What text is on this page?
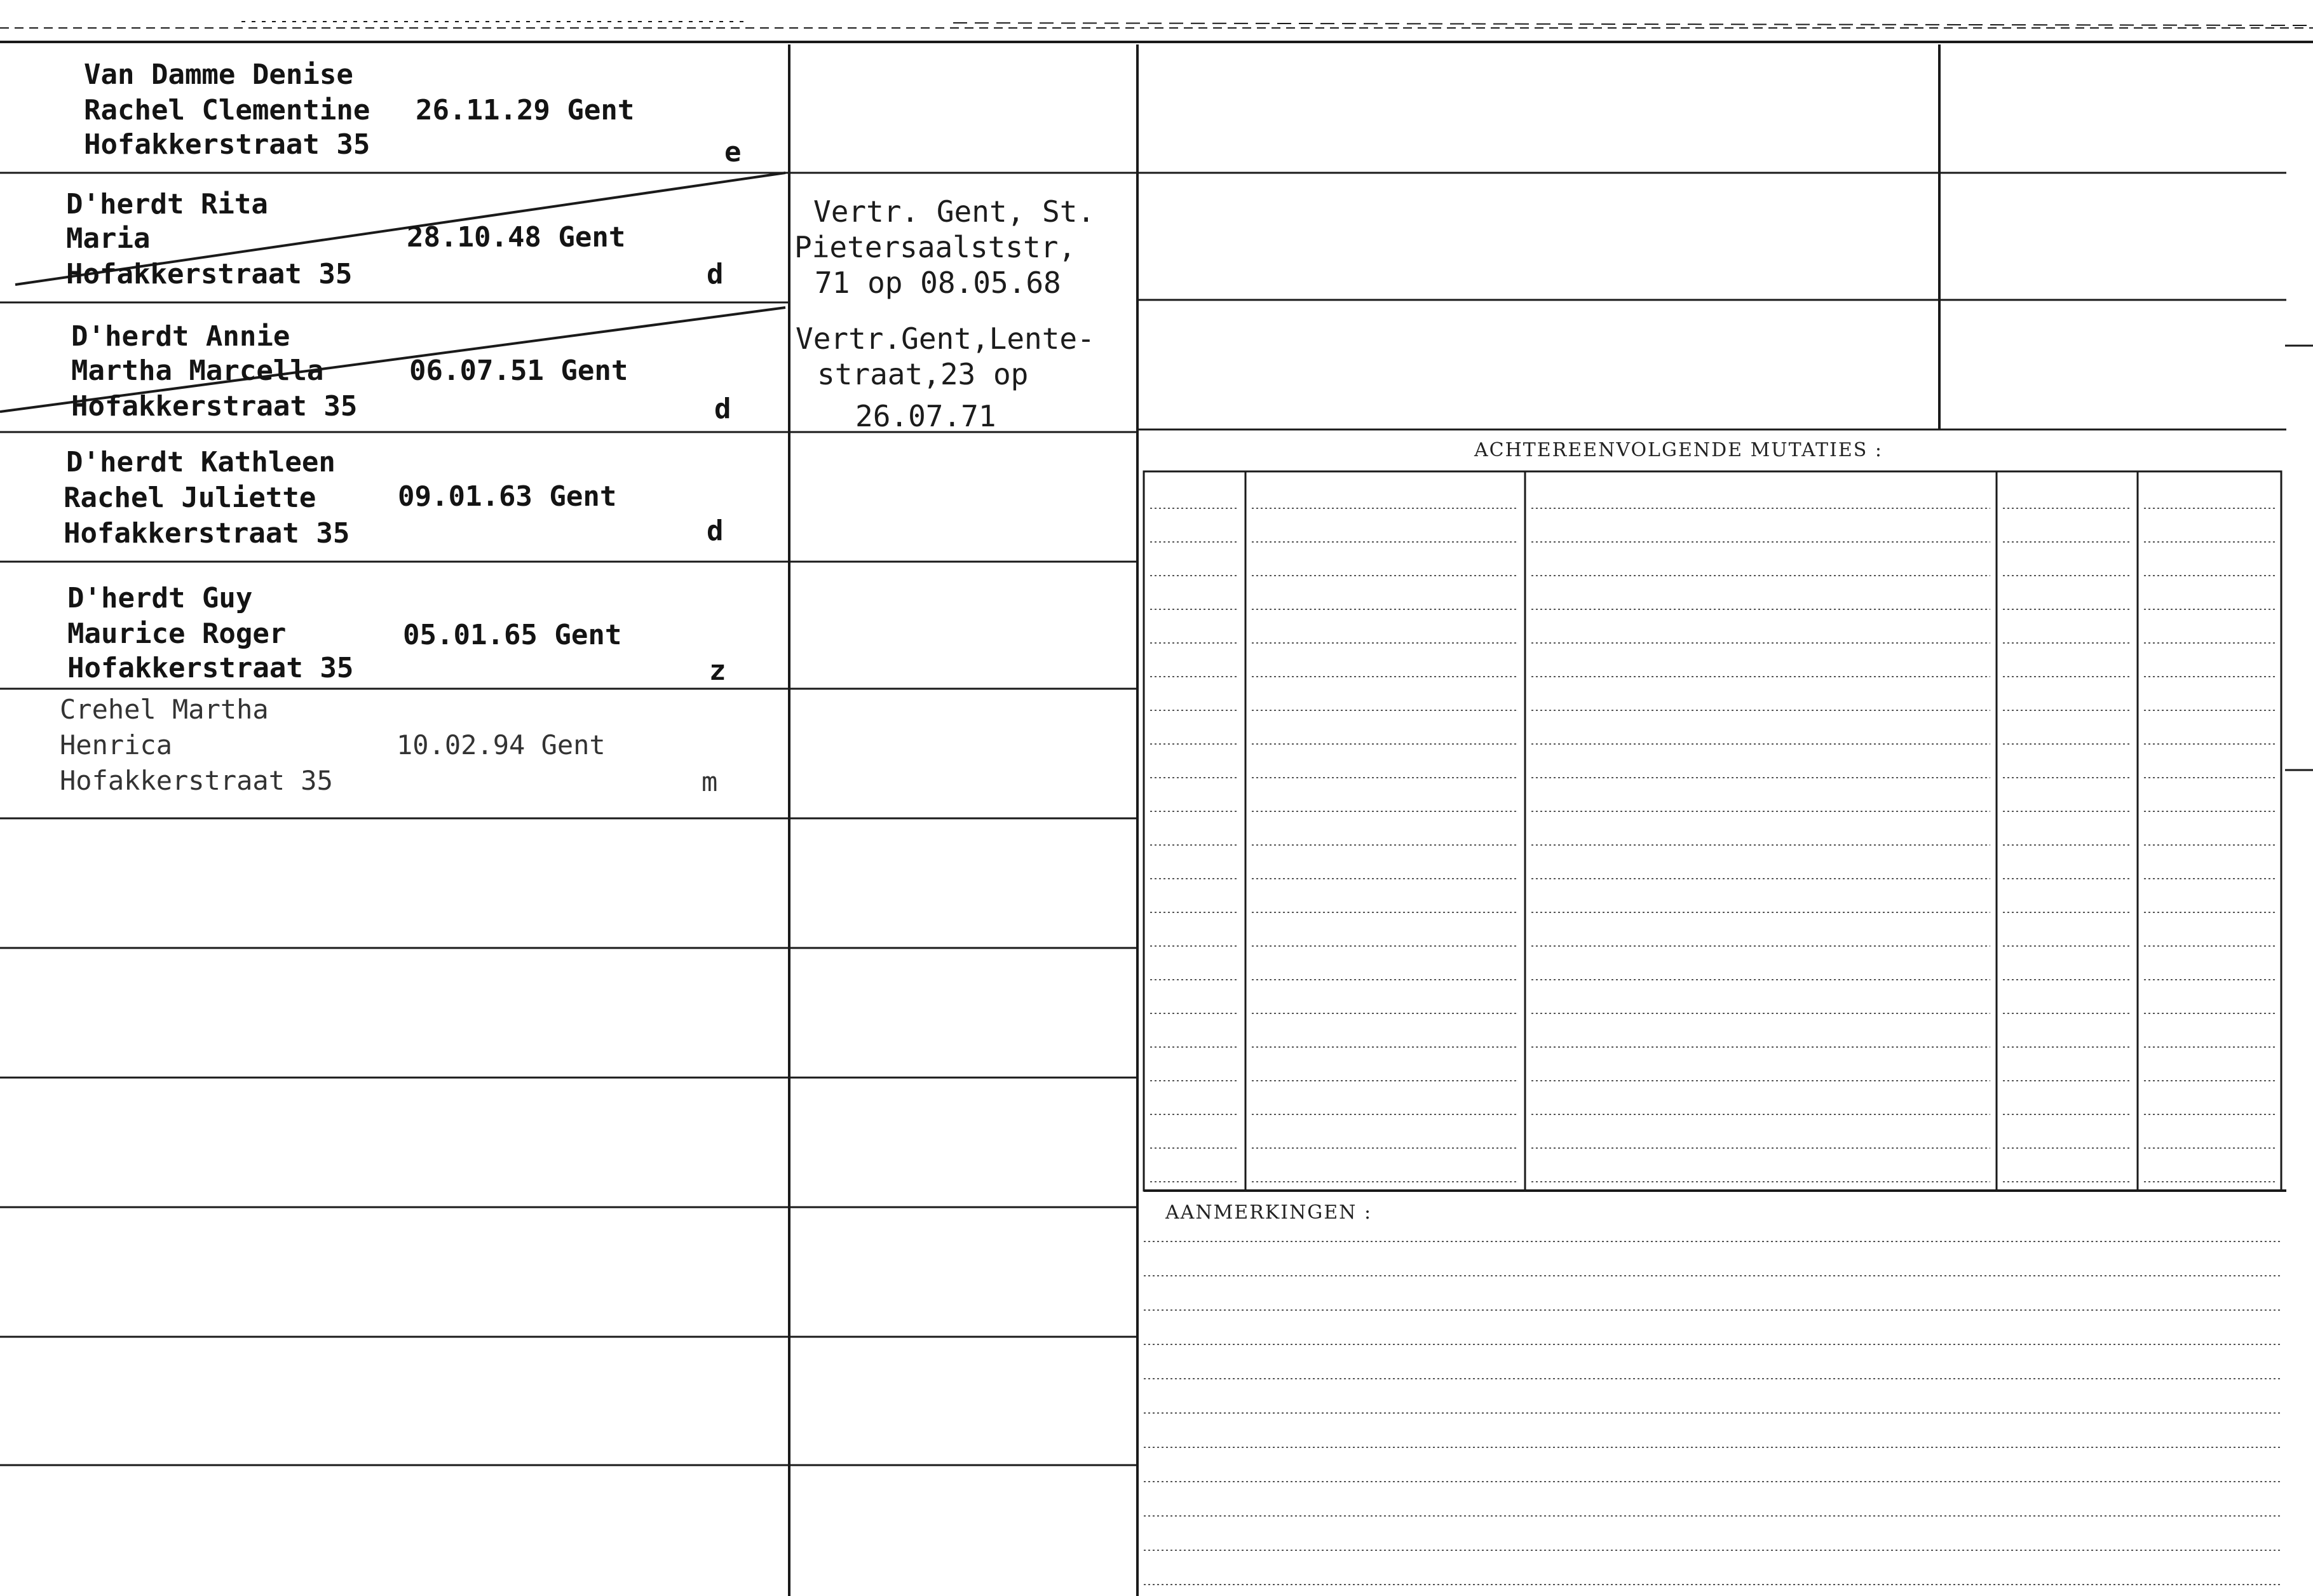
Van Damme Denise
Rachel Clementine
Hofakkerstraat 35
26.11.29 Gent
e
D'herdt Rita
Maria
Hofakkerstraat 35
28.10.48 Gent
d
Vertr. Gent, St.
Pietersaalststr,
71 op 08.05.68
D'herdt Annie
Martha Marcella
Hofakkerstraat 35
06.07.51 Gent
d
Vertr.Gent,Lente-
straat,23 op
26.07.71
D'herdt Kathleen
Rachel Juliette
Hofakkerstraat 35
09.01.63 Gent
d
D'herdt Guy
Maurice Roger
Hofakkerstraat 35
05.01.65 Gent
z
Crehel Martha
Henrica
Hofakkerstraat 35
10.02.94 Gent
m
ACHTEREENVOLGENDE MUTATIES :
AANMERKINGEN :
